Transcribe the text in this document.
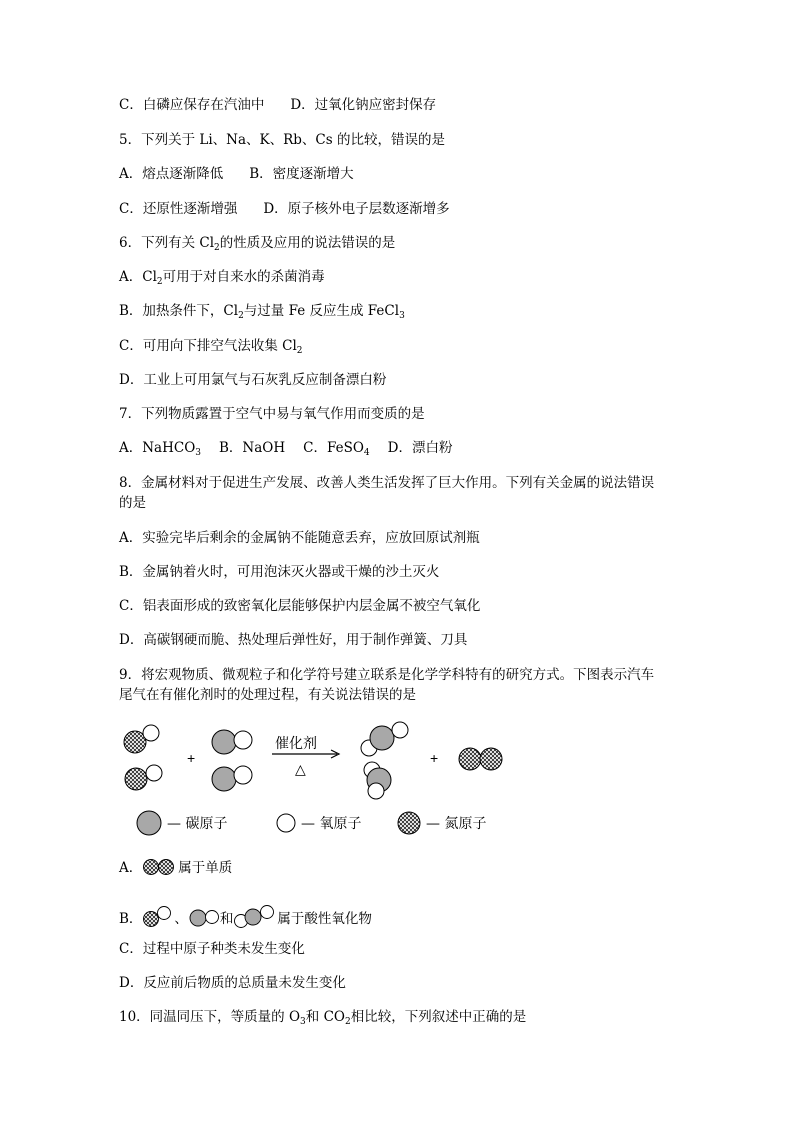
C．白磷应保存在汽油中 D．过氧化钠应密封保存
5．下列关于 Li、Na、K、Rb、Cs 的比较，错误的是
A．熔点逐渐降低 B．密度逐渐增大
C．还原性逐渐增强 D．原子核外电子层数逐渐增多
6．下列有关 $Cl_2$的性质及应用的说法错误的是
A．$Cl_2$可用于对自来水的杀菌消毒
B．加热条件下，$Cl_2$与过量 Fe 反应生成 FeCl$_3$
C．可用向下排空气法收集 $Cl_2$
D．工业上可用氯气与石灰乳反应制备漂白粉
7．下列物质露置于空气中易与氧气作用而变质的是
A．NaHCO$_3$ B．NaOH C．FeSO$_4$ D．漂白粉
8．金属材料对于促进生产发展、改善人类生活发挥了巨大作用。下列有关金属的说法错误
的是
A．实验完毕后剩余的金属钠不能随意丢弃，应放回原试剂瓶
B．金属钠着火时，可用泡沫灭火器或干燥的沙土灭火
C．铝表面形成的致密氧化层能够保护内层金属不被空气氧化
D．高碳钢硬而脆、热处理后弹性好，用于制作弹簧、刀具
9．将宏观物质、微观粒子和化学符号建立联系是化学学科特有的研究方式。下图表示汽车
尾气在有催化剂时的处理过程，有关说法错误的是
+
催化剂
△
+
— 碳原子	— 氧原子	— 氮原子
A．	属于单质
B． 、 和	属于酸性氧化物
C．过程中原子种类未发生变化
D．反应前后物质的总质量未发生变化
10．同温同压下，等质量的 $O_3$和 $CO_2$相比较，下列叙述中正确的是
